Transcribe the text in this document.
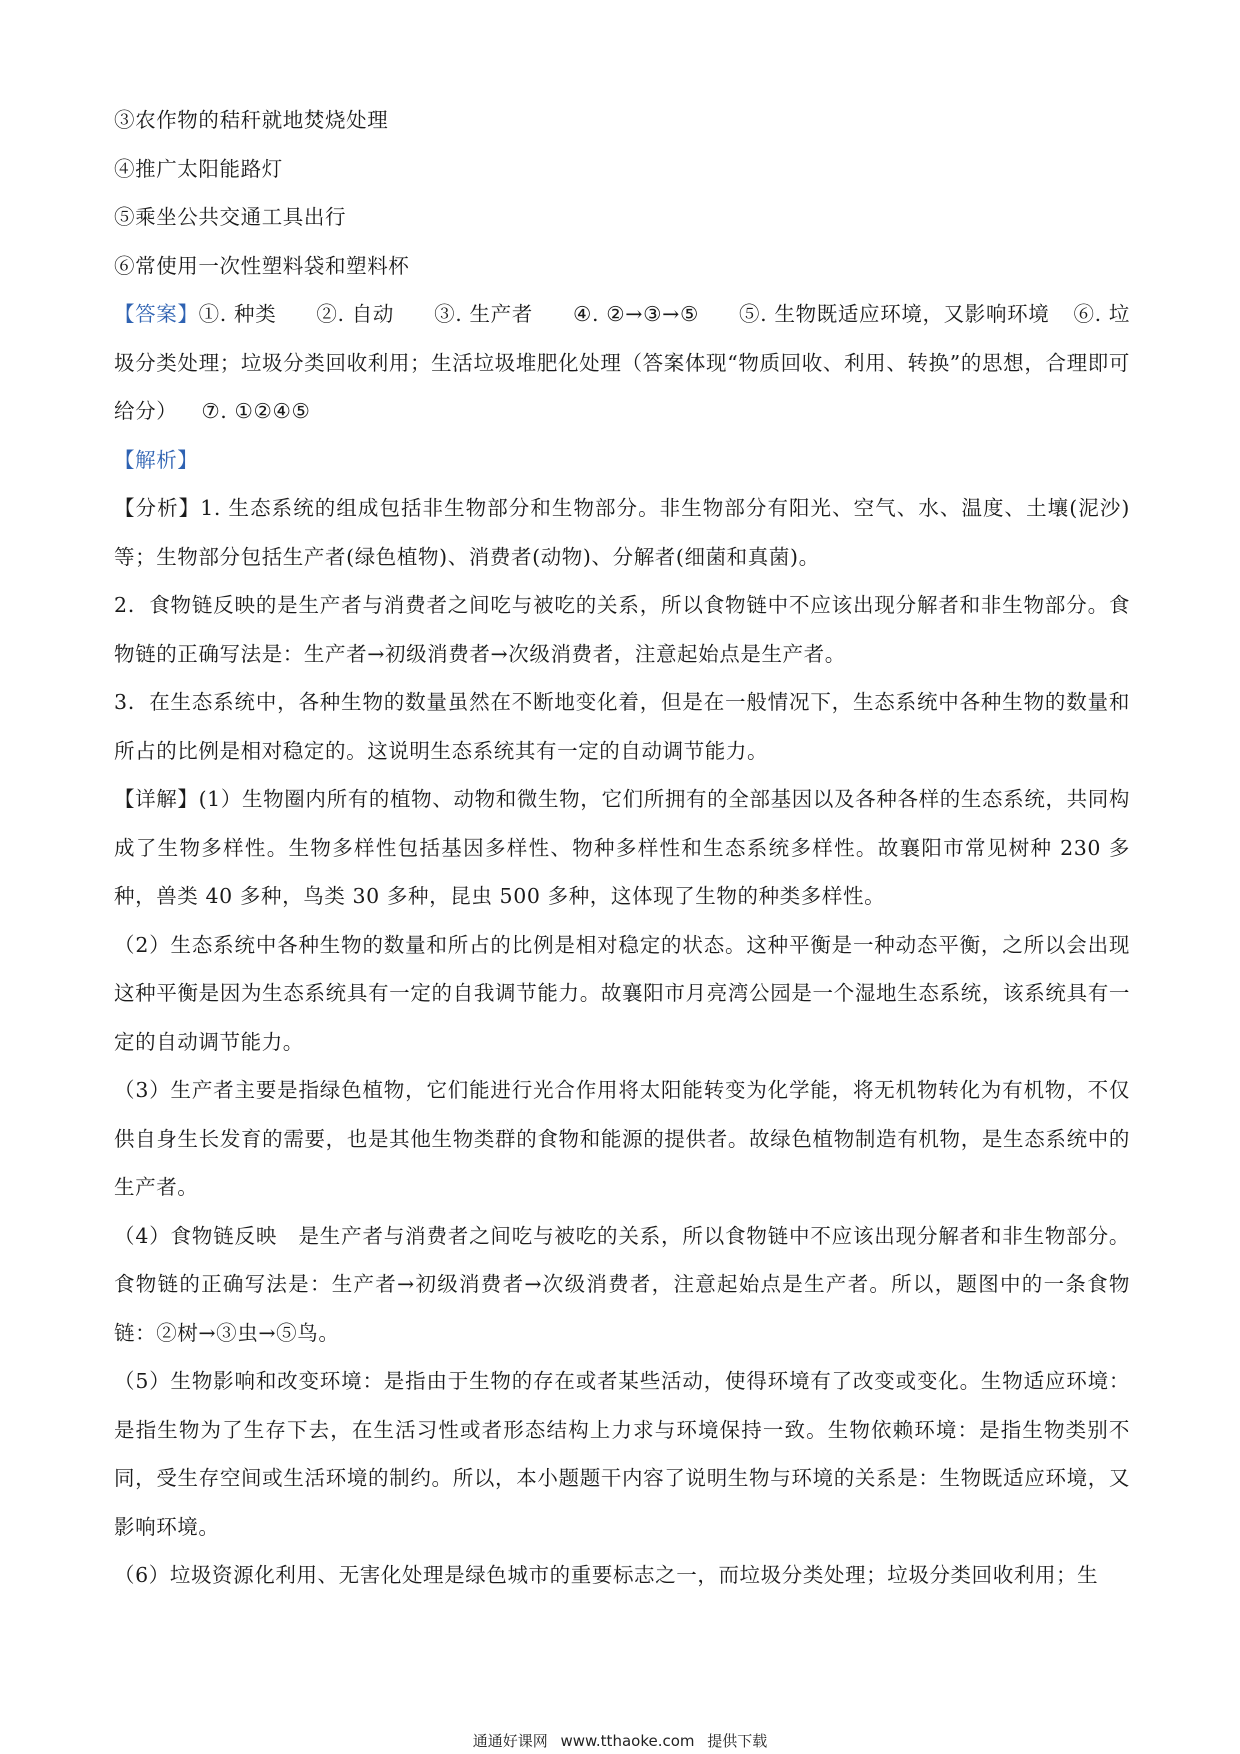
③农作物的秸秆就地焚烧处理

④推广太阳能路灯

⑤乘坐公共交通工具出行

⑥常使用一次性塑料袋和塑料杯

【答案】①. 种类 ②. 自动 ③. 生产者 ④. ②→③→⑤ ⑤. 生物既适应环境，又影响环境 ⑥. 垃圾分类处理；垃圾分类回收利用；生活垃圾堆肥化处理（答案体现“物质回收、利用、转换”的思想，合理即可给分） ⑦. ①②④⑤

【解析】

【分析】1. 生态系统的组成包括非生物部分和生物部分。非生物部分有阳光、空气、水、温度、土壤(泥沙)等；生物部分包括生产者(绿色植物)、消费者(动物)、分解者(细菌和真菌)。

2．食物链反映的是生产者与消费者之间吃与被吃的关系，所以食物链中不应该出现分解者和非生物部分。食物链的正确写法是：生产者→初级消费者→次级消费者，注意起始点是生产者。

3．在生态系统中，各种生物的数量虽然在不断地变化着，但是在一般情况下，生态系统中各种生物的数量和所占的比例是相对稳定的。这说明生态系统其有一定的自动调节能力。

【详解】(1）生物圈内所有的植物、动物和微生物，它们所拥有的全部基因以及各种各样的生态系统，共同构成了生物多样性。生物多样性包括基因多样性、物种多样性和生态系统多样性。故襄阳市常见树种 230 多种，兽类 40 多种，鸟类 30 多种，昆虫 500 多种，这体现了生物的种类多样性。

（2）生态系统中各种生物的数量和所占的比例是相对稳定的状态。这种平衡是一种动态平衡，之所以会出现这种平衡是因为生态系统具有一定的自我调节能力。故襄阳市月亮湾公园是一个湿地生态系统，该系统具有一定的自动调节能力。

（3）生产者主要是指绿色植物，它们能进行光合作用将太阳能转变为化学能，将无机物转化为有机物，不仅供自身生长发育的需要，也是其他生物类群的食物和能源的提供者。故绿色植物制造有机物，是生态系统中的生产者。

（4）食物链反映　是生产者与消费者之间吃与被吃的关系，所以食物链中不应该出现分解者和非生物部分。食物链的正确写法是：生产者→初级消费者→次级消费者，注意起始点是生产者。所以，题图中的一条食物链：②树→③虫→⑤鸟。

（5）生物影响和改变环境：是指由于生物的存在或者某些活动，使得环境有了改变或变化。生物适应环境：是指生物为了生存下去，在生活习性或者形态结构上力求与环境保持一致。生物依赖环境：是指生物类别不同，受生存空间或生活环境的制约。所以，本小题题干内容了说明生物与环境的关系是：生物既适应环境，又影响环境。

（6）垃圾资源化利用、无害化处理是绿色城市的重要标志之一，而垃圾分类处理；垃圾分类回收利用；生

通通好课网 www.tthaoke.com 提供下载
